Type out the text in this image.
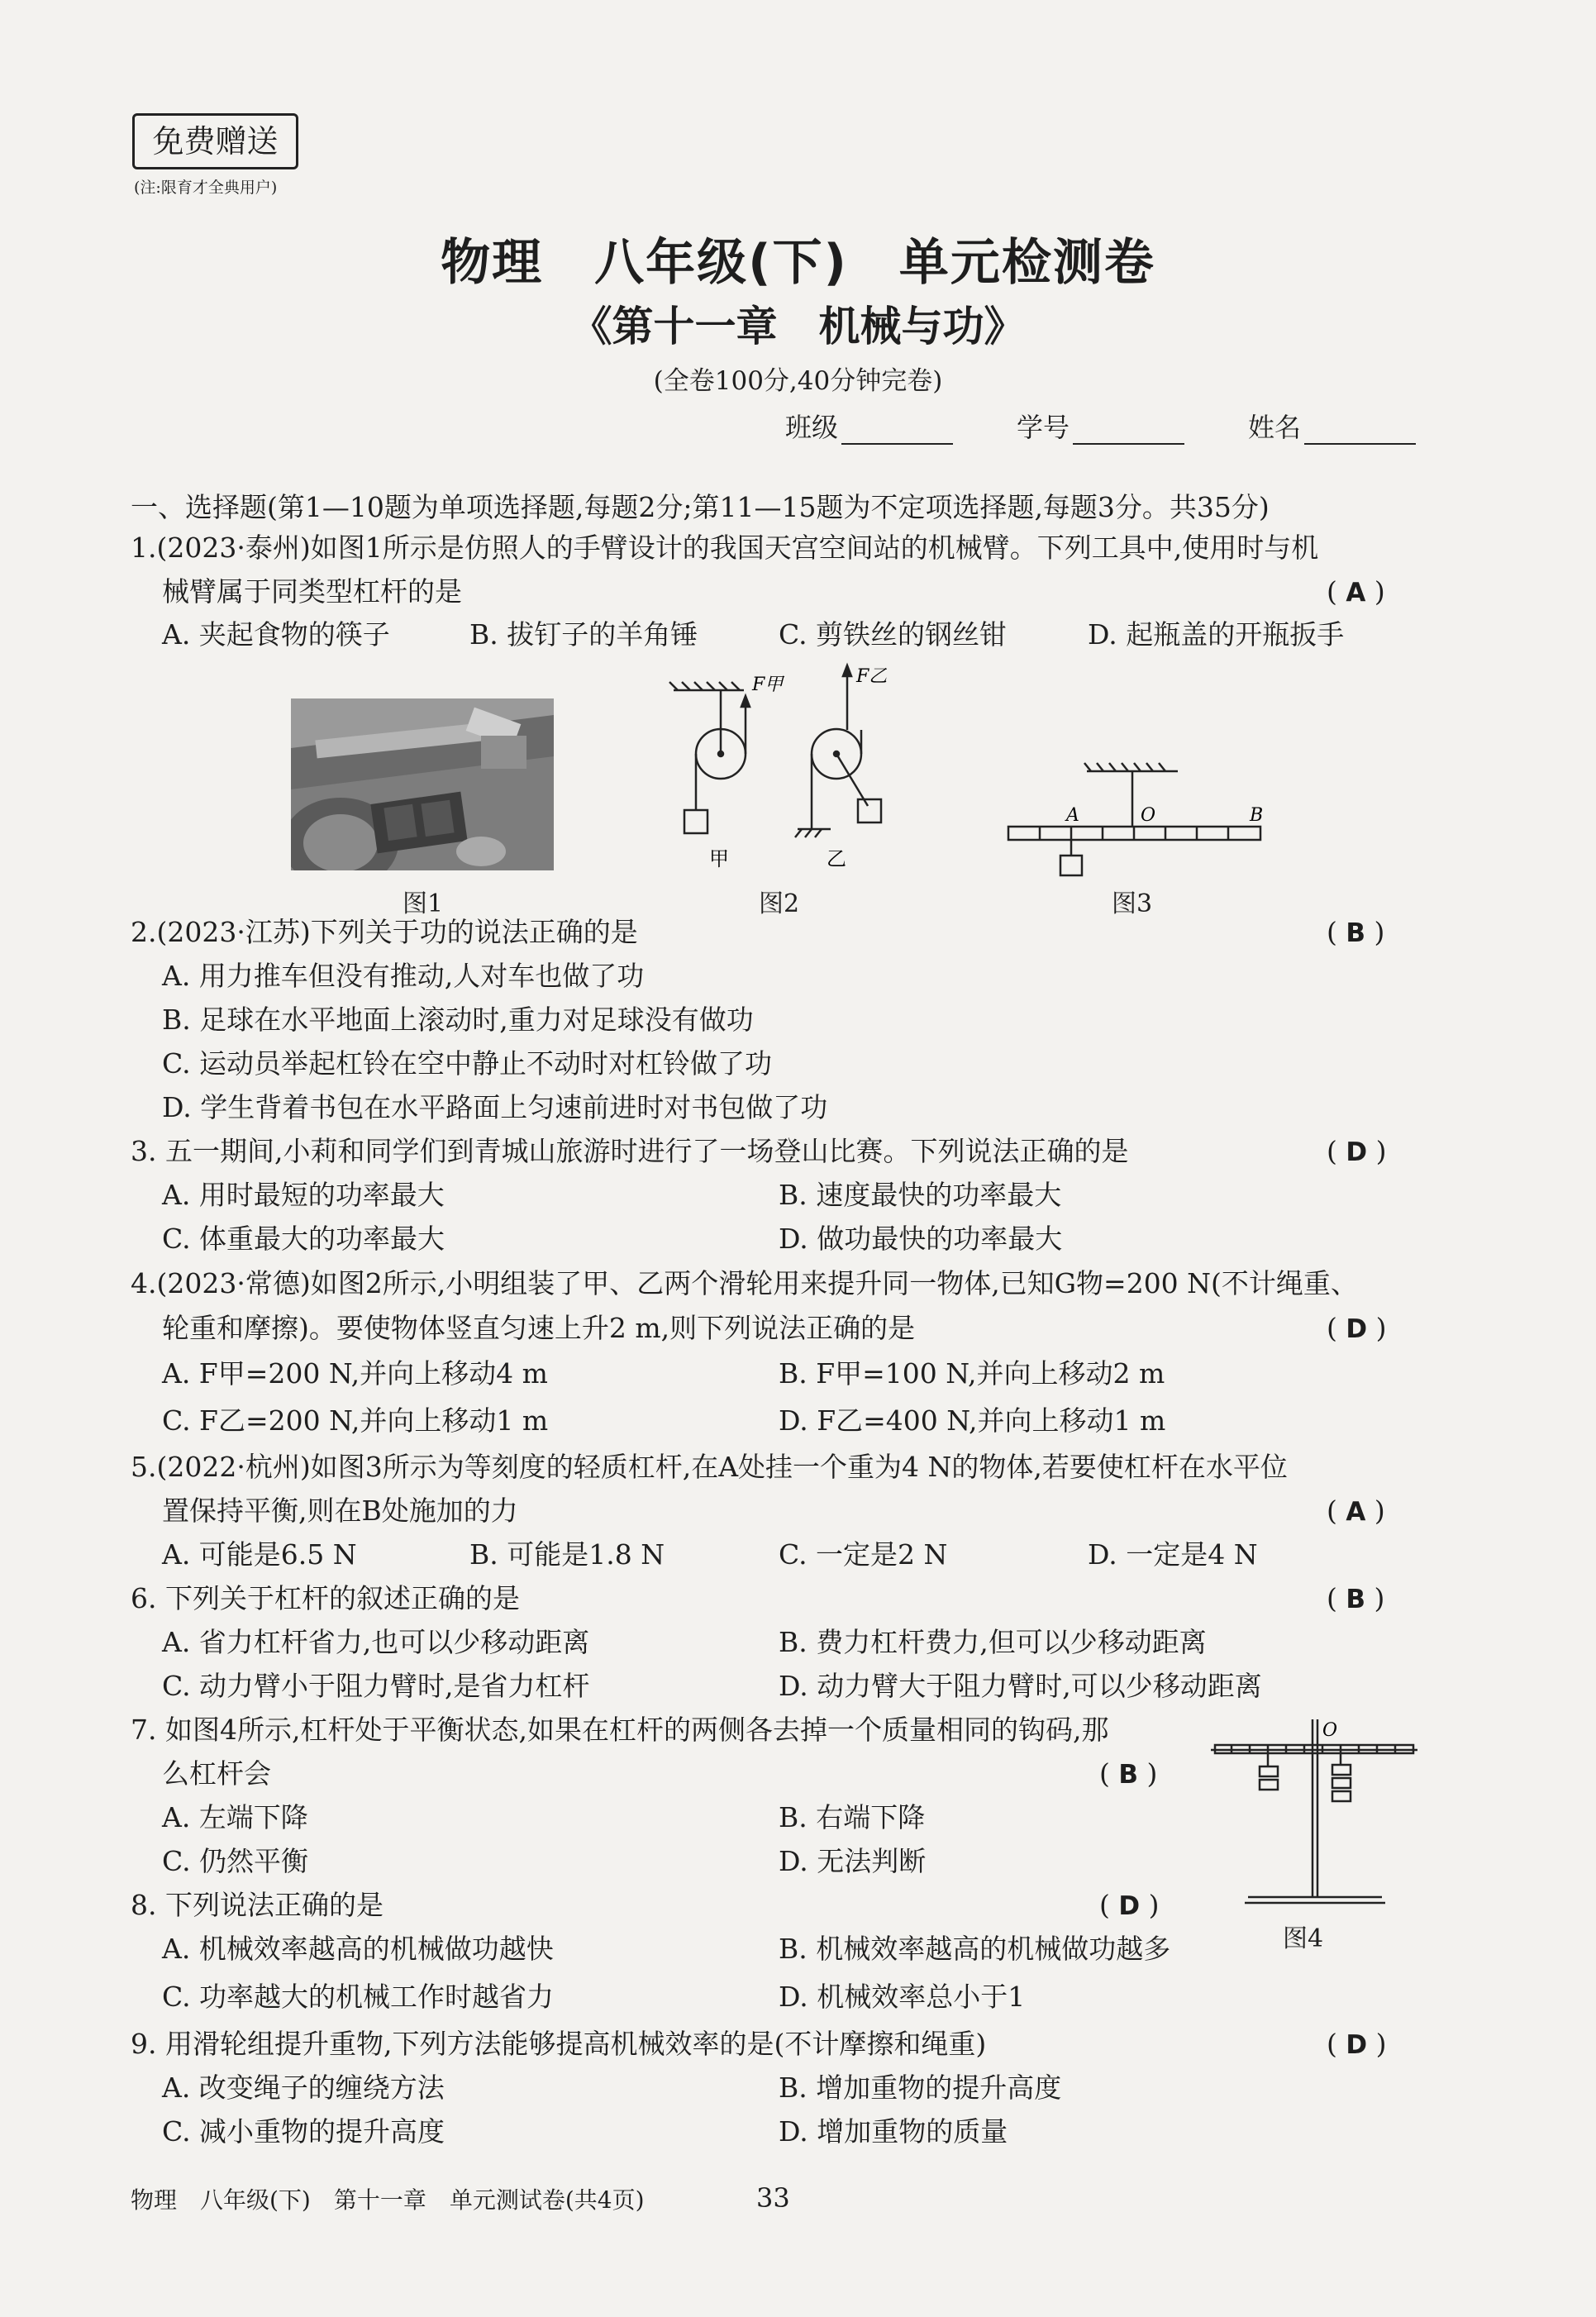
免费赠送
(注:限育才全典用户)
物理　八年级(下)　单元检测卷
《第十一章　机械与功》
(全卷100分,40分钟完卷)
班级	学号	姓名
一、选择题(第1—10题为单项选择题,每题2分;第11—15题为不定项选择题,每题3分。共35分)
1.(2023·泰州)如图1所示是仿照人的手臂设计的我国天宫空间站的机械臂。下列工具中,使用时与机
械臂属于同类型杠杆的是	( A )
A. 夹起食物的筷子	B. 拔钉子的羊角锤	C. 剪铁丝的钢丝钳	D. 起瓶盖的开瓶扳手
图1
F甲	F乙
甲	乙
图2
A	O	B
图3
2.(2023·江苏)下列关于功的说法正确的是	( B )
A. 用力推车但没有推动,人对车也做了功
B. 足球在水平地面上滚动时,重力对足球没有做功
C. 运动员举起杠铃在空中静止不动时对杠铃做了功
D. 学生背着书包在水平路面上匀速前进时对书包做了功
3. 五一期间,小莉和同学们到青城山旅游时进行了一场登山比赛。下列说法正确的是	( D )
A. 用时最短的功率最大	B. 速度最快的功率最大
C. 体重最大的功率最大	D. 做功最快的功率最大
4.(2023·常德)如图2所示,小明组装了甲、乙两个滑轮用来提升同一物体,已知G物=200 N(不计绳重、
轮重和摩擦)。要使物体竖直匀速上升2 m,则下列说法正确的是	( D )
A. F甲=200 N,并向上移动4 m	B. F甲=100 N,并向上移动2 m
C. F乙=200 N,并向上移动1 m	D. F乙=400 N,并向上移动1 m
5.(2022·杭州)如图3所示为等刻度的轻质杠杆,在A处挂一个重为4 N的物体,若要使杠杆在水平位
置保持平衡,则在B处施加的力	( A )
A. 可能是6.5 N	B. 可能是1.8 N	C. 一定是2 N	D. 一定是4 N
6. 下列关于杠杆的叙述正确的是	( B )
A. 省力杠杆省力,也可以少移动距离	B. 费力杠杆费力,但可以少移动距离
C. 动力臂小于阻力臂时,是省力杠杆	D. 动力臂大于阻力臂时,可以少移动距离
7. 如图4所示,杠杆处于平衡状态,如果在杠杆的两侧各去掉一个质量相同的钩码,那
么杠杆会	( B )
A. 左端下降	B. 右端下降
C. 仍然平衡	D. 无法判断
O
图4
8. 下列说法正确的是	( D )
A. 机械效率越高的机械做功越快	B. 机械效率越高的机械做功越多
C. 功率越大的机械工作时越省力	D. 机械效率总小于1
9. 用滑轮组提升重物,下列方法能够提高机械效率的是(不计摩擦和绳重)	( D )
A. 改变绳子的缠绕方法	B. 增加重物的提升高度
C. 减小重物的提升高度	D. 增加重物的质量
物理　八年级(下)　第十一章　单元测试卷(共4页)	33
